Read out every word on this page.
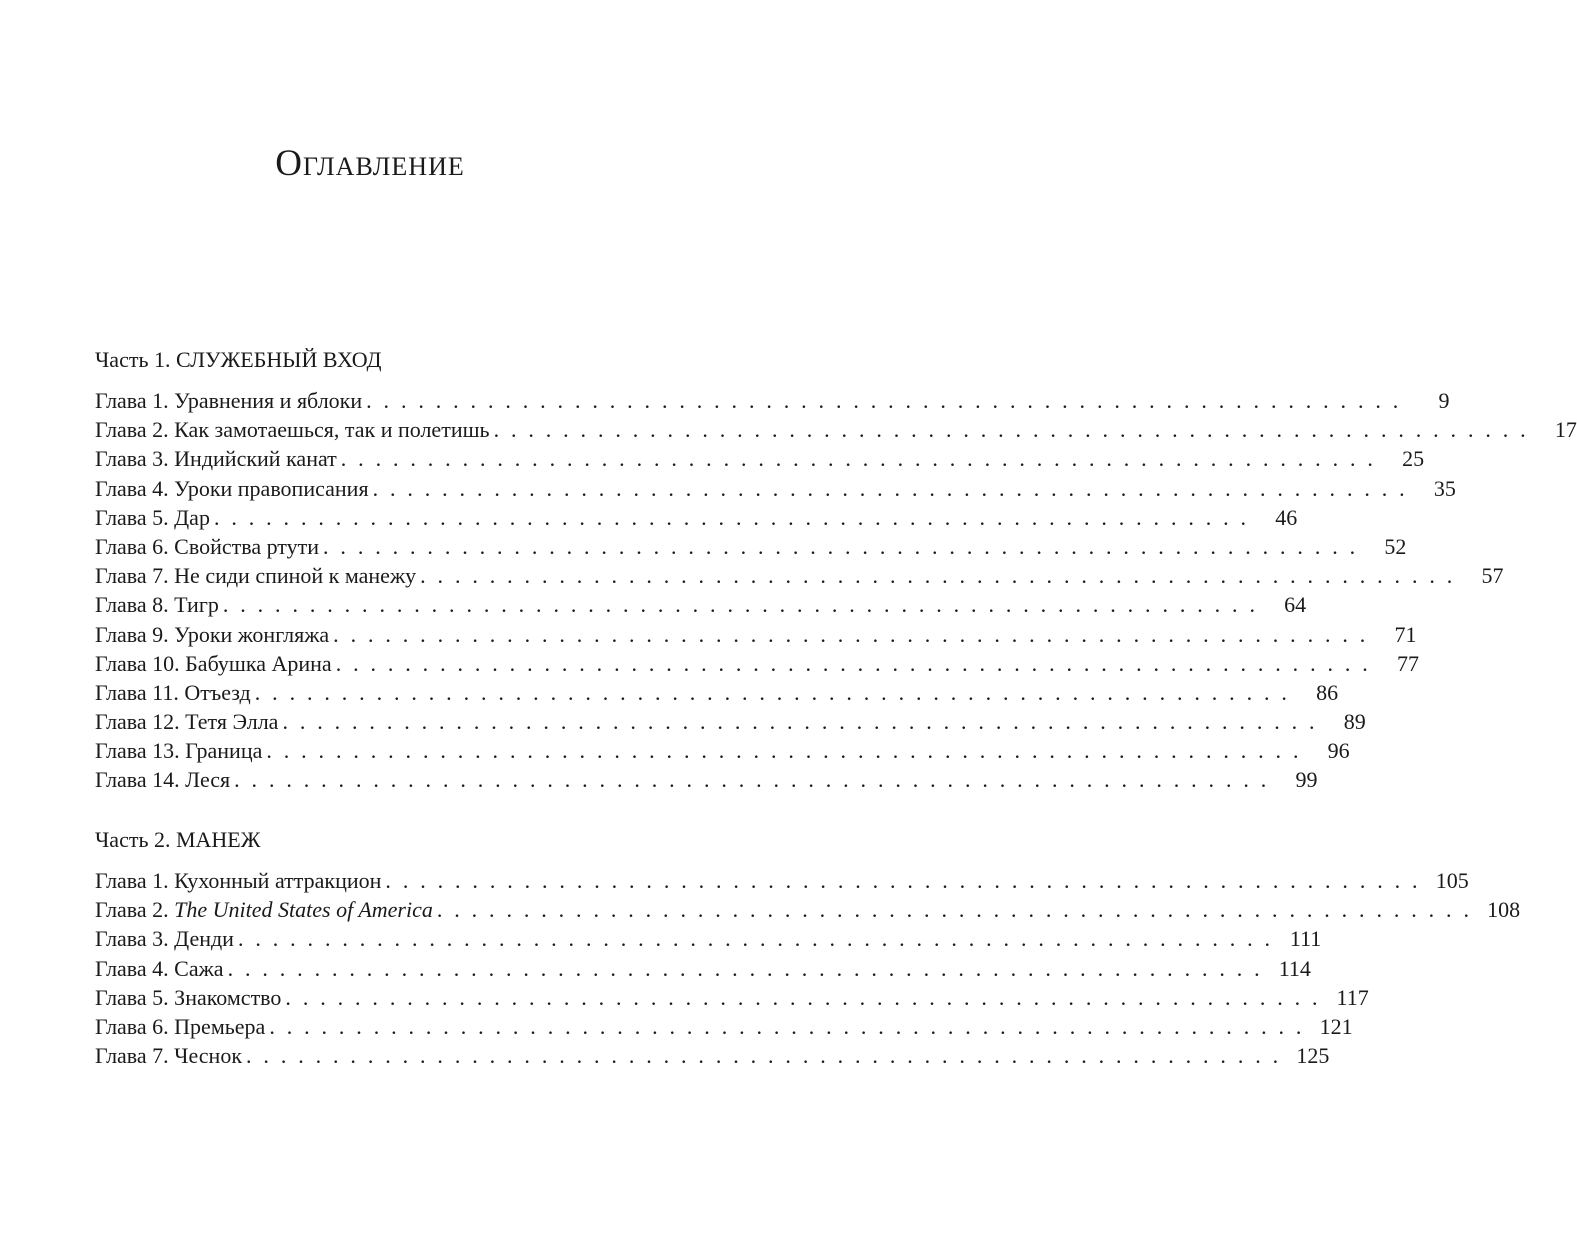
Оглавление
Часть 1. СЛУЖЕБНЫЙ ВХОД
Глава 1. Уравнения и яблоки . . . . . . . . . . . . . . . . . . . . . . . . . . . . . . . . . . . . . . . . . . . . . . . . . . . . . . . . . . . .	9
Глава 2. Как замотаешься, так и полетишь . . . . . . . . . . . . . . . . . . . . . . . . . . . . . . . . . . . . . . . . . . . . . . . . . . . . . . . . . . . .	17
Глава 3. Индийский канат . . . . . . . . . . . . . . . . . . . . . . . . . . . . . . . . . . . . . . . . . . . . . . . . . . . . . . . . . . . .	25
Глава 4. Уроки правописания . . . . . . . . . . . . . . . . . . . . . . . . . . . . . . . . . . . . . . . . . . . . . . . . . . . . . . . . . . . .	35
Глава 5. Дар . . . . . . . . . . . . . . . . . . . . . . . . . . . . . . . . . . . . . . . . . . . . . . . . . . . . . . . . . . . .	46
Глава 6. Свойства ртути . . . . . . . . . . . . . . . . . . . . . . . . . . . . . . . . . . . . . . . . . . . . . . . . . . . . . . . . . . . .	52
Глава 7. Не сиди спиной к манежу . . . . . . . . . . . . . . . . . . . . . . . . . . . . . . . . . . . . . . . . . . . . . . . . . . . . . . . . . . . .	57
Глава 8. Тигр . . . . . . . . . . . . . . . . . . . . . . . . . . . . . . . . . . . . . . . . . . . . . . . . . . . . . . . . . . . .	64
Глава 9. Уроки жонгляжа . . . . . . . . . . . . . . . . . . . . . . . . . . . . . . . . . . . . . . . . . . . . . . . . . . . . . . . . . . . .	71
Глава 10. Бабушка Арина . . . . . . . . . . . . . . . . . . . . . . . . . . . . . . . . . . . . . . . . . . . . . . . . . . . . . . . . . . . .	77
Глава 11. Отъезд . . . . . . . . . . . . . . . . . . . . . . . . . . . . . . . . . . . . . . . . . . . . . . . . . . . . . . . . . . . .	86
Глава 12. Тетя Элла . . . . . . . . . . . . . . . . . . . . . . . . . . . . . . . . . . . . . . . . . . . . . . . . . . . . . . . . . . . .	89
Глава 13. Граница . . . . . . . . . . . . . . . . . . . . . . . . . . . . . . . . . . . . . . . . . . . . . . . . . . . . . . . . . . . .	96
Глава 14. Леся . . . . . . . . . . . . . . . . . . . . . . . . . . . . . . . . . . . . . . . . . . . . . . . . . . . . . . . . . . . .	99
Часть 2. МАНЕЖ
Глава 1. Кухонный аттракцион . . . . . . . . . . . . . . . . . . . . . . . . . . . . . . . . . . . . . . . . . . . . . . . . . . . . . . . . . . . . 105
Глава 2. The United States of America . . . . . . . . . . . . . . . . . . . . . . . . . . . . . . . . . . . . . . . . . . . . . . . . . . . . . . . . . . . . 108
Глава 3. Денди . . . . . . . . . . . . . . . . . . . . . . . . . . . . . . . . . . . . . . . . . . . . . . . . . . . . . . . . . . . . 111
Глава 4. Сажа . . . . . . . . . . . . . . . . . . . . . . . . . . . . . . . . . . . . . . . . . . . . . . . . . . . . . . . . . . . . 114
Глава 5. Знакомство . . . . . . . . . . . . . . . . . . . . . . . . . . . . . . . . . . . . . . . . . . . . . . . . . . . . . . . . . . . . 117
Глава 6. Премьера . . . . . . . . . . . . . . . . . . . . . . . . . . . . . . . . . . . . . . . . . . . . . . . . . . . . . . . . . . . . 121
Глава 7. Чеснок . . . . . . . . . . . . . . . . . . . . . . . . . . . . . . . . . . . . . . . . . . . . . . . . . . . . . . . . . . . . 125
